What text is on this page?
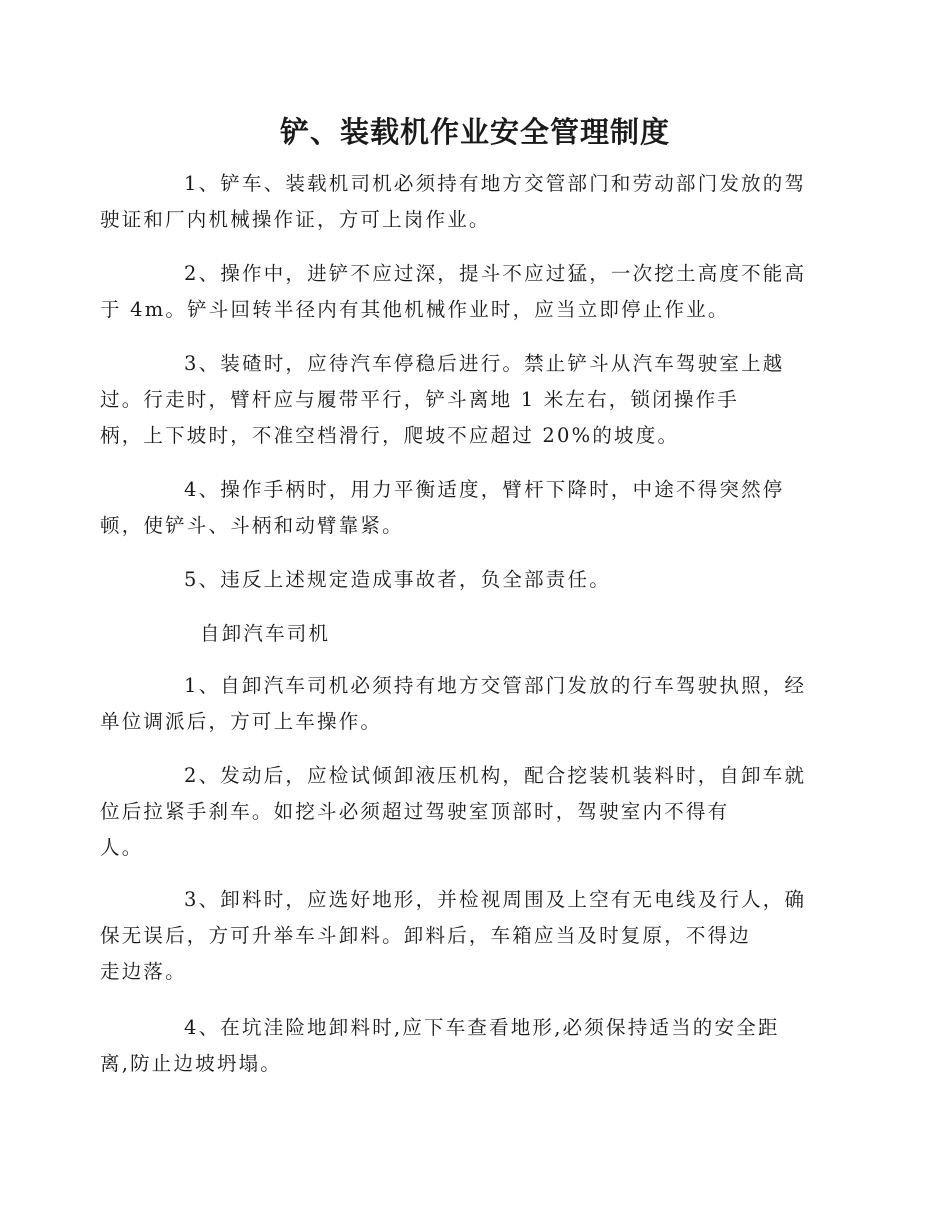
铲、装载机作业安全管理制度

1、铲车、装载机司机必须持有地方交管部门和劳动部门发放的驾
驶证和厂内机械操作证，方可上岗作业。

2、操作中，进铲不应过深，提斗不应过猛，一次挖土高度不能高
于 4m。铲斗回转半径内有其他机械作业时，应当立即停止作业。

3、装碴时，应待汽车停稳后进行。禁止铲斗从汽车驾驶室上越
过。行走时，臂杆应与履带平行，铲斗离地 1 米左右，锁闭操作手
柄，上下坡时，不准空档滑行，爬坡不应超过 20%的坡度。

4、操作手柄时，用力平衡适度，臂杆下降时，中途不得突然停
顿，使铲斗、斗柄和动臂靠紧。

5、违反上述规定造成事故者，负全部责任。

自卸汽车司机

1、自卸汽车司机必须持有地方交管部门发放的行车驾驶执照，经
单位调派后，方可上车操作。

2、发动后，应检试倾卸液压机构，配合挖装机装料时，自卸车就
位后拉紧手刹车。如挖斗必须超过驾驶室顶部时，驾驶室内不得有
人。

3、卸料时，应选好地形，并检视周围及上空有无电线及行人，确
保无误后，方可升举车斗卸料。卸料后，车箱应当及时复原，不得边
走边落。

4、在坑洼险地卸料时,应下车查看地形,必须保持适当的安全距
离,防止边坡坍塌。
